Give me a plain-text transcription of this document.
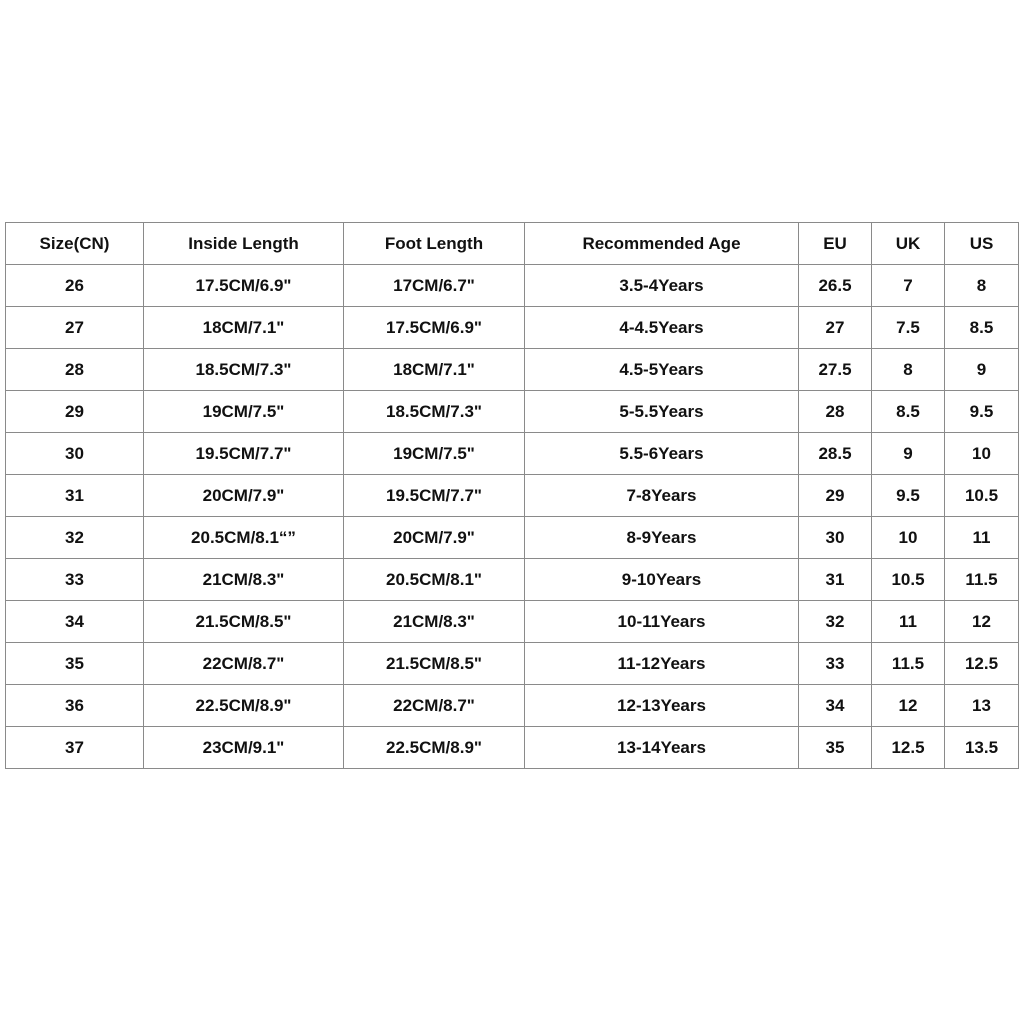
Size(CN)	Inside Length	Foot Length	Recommended Age	EU	UK	US
26	17.5CM/6.9"	17CM/6.7"	3.5-4Years	26.5	7	8
27	18CM/7.1"	17.5CM/6.9"	4-4.5Years	27	7.5	8.5
28	18.5CM/7.3"	18CM/7.1"	4.5-5Years	27.5	8	9
29	19CM/7.5"	18.5CM/7.3"	5-5.5Years	28	8.5	9.5
30	19.5CM/7.7"	19CM/7.5"	5.5-6Years	28.5	9	10
31	20CM/7.9"	19.5CM/7.7"	7-8Years	29	9.5	10.5
32	20.5CM/8.1“”	20CM/7.9"	8-9Years	30	10	11
33	21CM/8.3"	20.5CM/8.1"	9-10Years	31	10.5	11.5
34	21.5CM/8.5"	21CM/8.3"	10-11Years	32	11	12
35	22CM/8.7"	21.5CM/8.5"	11-12Years	33	11.5	12.5
36	22.5CM/8.9"	22CM/8.7"	12-13Years	34	12	13
37	23CM/9.1"	22.5CM/8.9"	13-14Years	35	12.5	13.5
